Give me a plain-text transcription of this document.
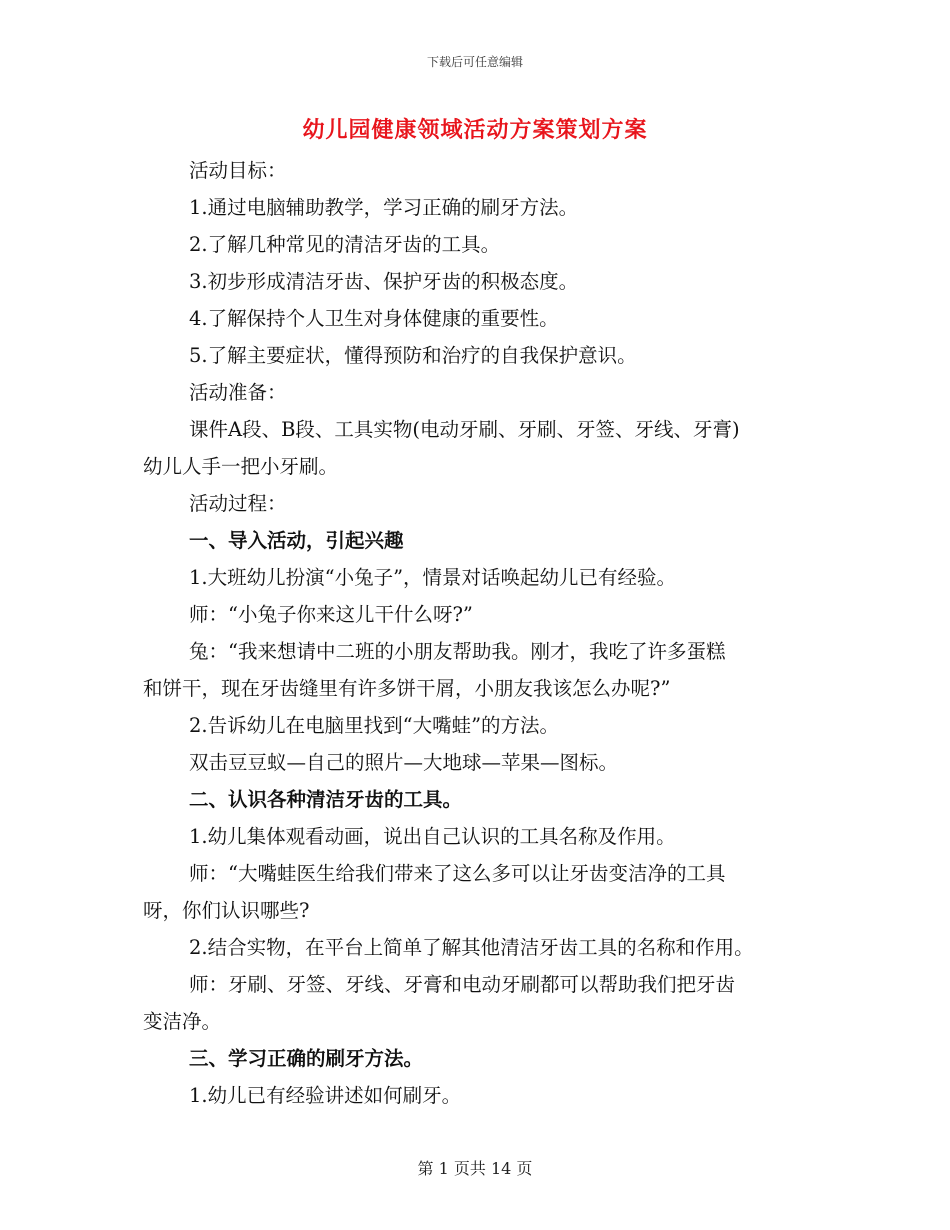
下载后可任意编辑
幼儿园健康领域活动方案策划方案

活动目标：

1.通过电脑辅助教学，学习正确的刷牙方法。

2.了解几种常见的清洁牙齿的工具。

3.初步形成清洁牙齿、保护牙齿的积极态度。

4.了解保持个人卫生对身体健康的重要性。

5.了解主要症状，懂得预防和治疗的自我保护意识。

活动准备：

课件A段、B段、工具实物(电动牙刷、牙刷、牙签、牙线、牙膏)

幼儿人手一把小牙刷。

活动过程：

一、导入活动，引起兴趣

1.大班幼儿扮演“小兔子”，情景对话唤起幼儿已有经验。

师：“小兔子你来这儿干什么呀?”

兔：“我来想请中二班的小朋友帮助我。刚才，我吃了许多蛋糕

和饼干，现在牙齿缝里有许多饼干屑，小朋友我该怎么办呢?”

2.告诉幼儿在电脑里找到“大嘴蛙”的方法。

双击豆豆蚁—自己的照片—大地球—苹果—图标。

二、认识各种清洁牙齿的工具。

1.幼儿集体观看动画，说出自己认识的工具名称及作用。

师：“大嘴蛙医生给我们带来了这么多可以让牙齿变洁净的工具

呀，你们认识哪些?

2.结合实物，在平台上简单了解其他清洁牙齿工具的名称和作用。

师：牙刷、牙签、牙线、牙膏和电动牙刷都可以帮助我们把牙齿

变洁净。

三、学习正确的刷牙方法。

1.幼儿已有经验讲述如何刷牙。

第 1 页共 14 页
